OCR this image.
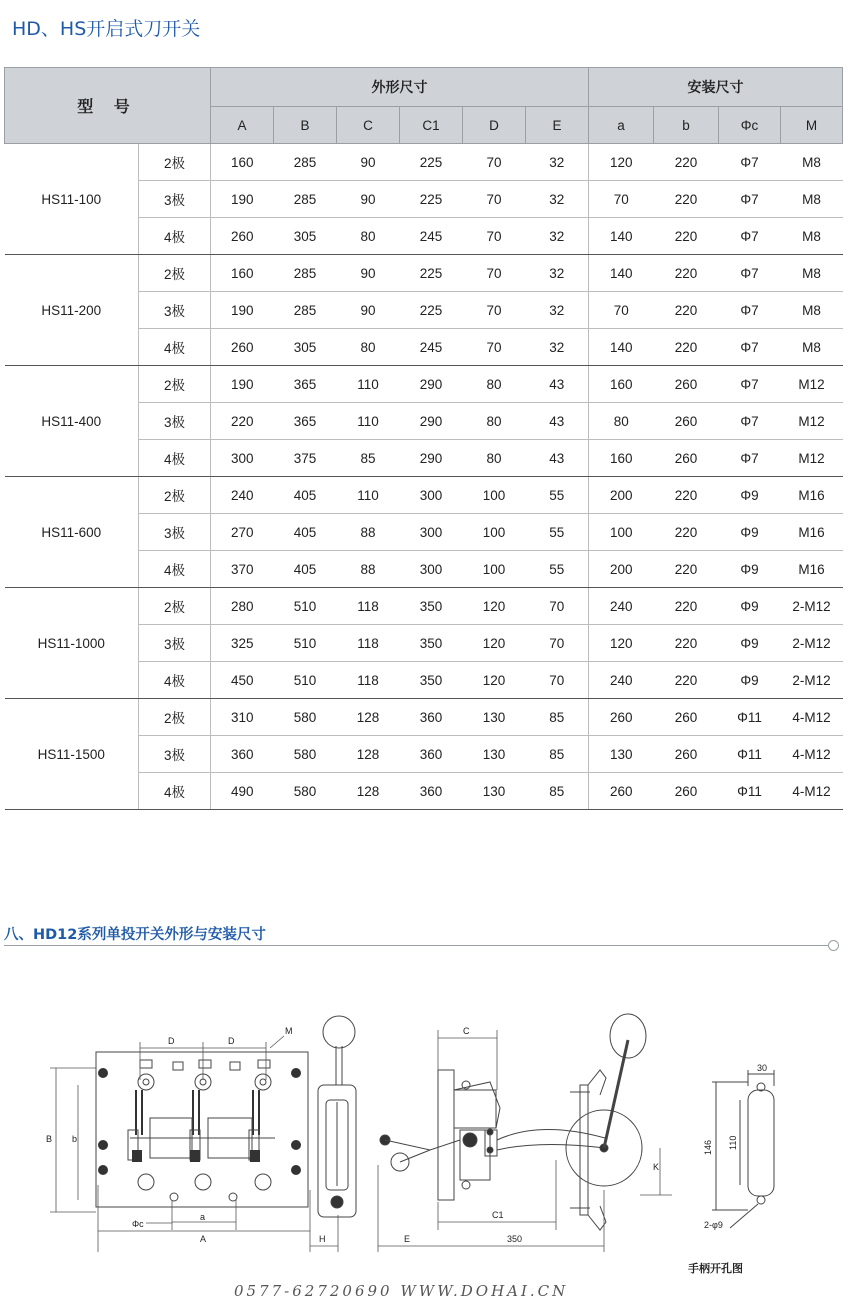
HD、HS开启式刀开关
型 号		外形尺寸						安装尺寸			
		A	B	C	C1	D	E	a	b	Φc	M
HS11-100	2极	160	285	90	225	70	32	120	220	Φ7	M8
	3极	190	285	90	225	70	32	70	220	Φ7	M8
	4极	260	305	80	245	70	32	140	220	Φ7	M8
HS11-200	2极	160	285	90	225	70	32	140	220	Φ7	M8
	3极	190	285	90	225	70	32	70	220	Φ7	M8
	4极	260	305	80	245	70	32	140	220	Φ7	M8
HS11-400	2极	190	365	110	290	80	43	160	260	Φ7	M12
	3极	220	365	110	290	80	43	80	260	Φ7	M12
	4极	300	375	85	290	80	43	160	260	Φ7	M12
HS11-600	2极	240	405	110	300	100	55	200	220	Φ9	M16
	3极	270	405	88	300	100	55	100	220	Φ9	M16
	4极	370	405	88	300	100	55	200	220	Φ9	M16
HS11-1000	2极	280	510	118	350	120	70	240	220	Φ9	2-M12
	3极	325	510	118	350	120	70	120	220	Φ9	2-M12
	4极	450	510	118	350	120	70	240	220	Φ9	2-M12
HS11-1500	2极	310	580	128	360	130	85	260	260	Φ11	4-M12
	3极	360	580	128	360	130	85	130	260	Φ11	4-M12
	4极	490	580	128	360	130	85	260	260	Φ11	4-M12
八、HD12系列单投开关外形与安装尺寸
D	D
M
B b
Φc
a
A	H
C
C1
E	350
K
30
146 110
2-φ9
手柄开孔图
0577-62720690 WWW.DOHAI.CN
